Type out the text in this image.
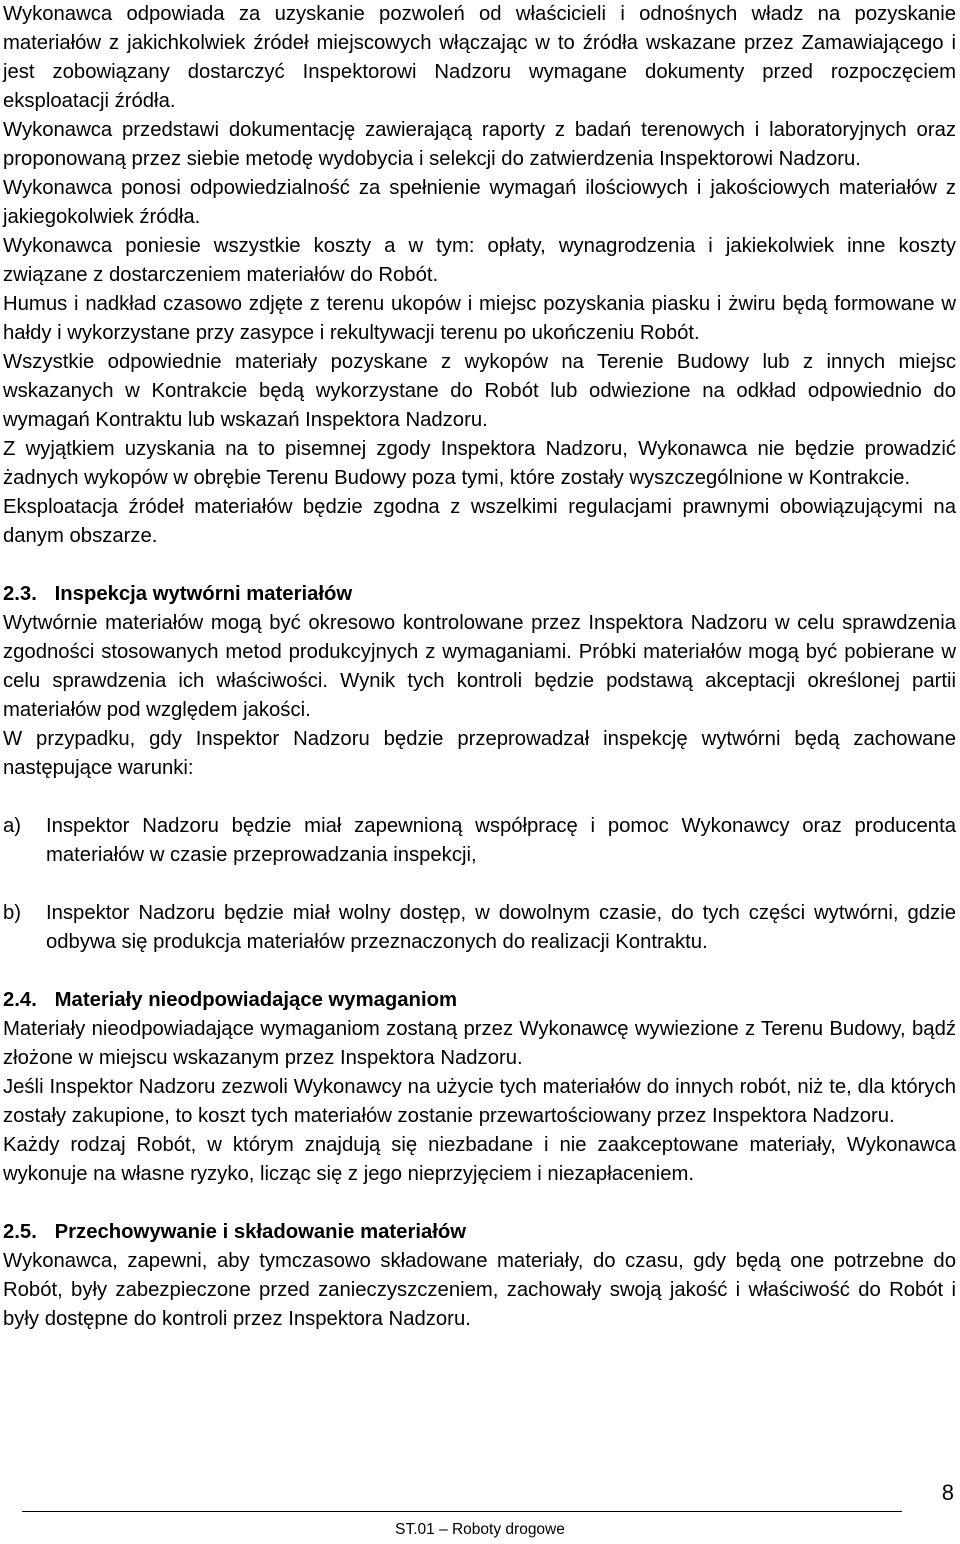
Wykonawca odpowiada za uzyskanie pozwoleń od właścicieli i odnośnych władz na pozyskanie materiałów z jakichkolwiek źródeł miejscowych włączając w to źródła wskazane przez Zamawiającego i jest zobowiązany dostarczyć Inspektorowi Nadzoru wymagane dokumenty przed rozpoczęciem eksploatacji źródła.

Wykonawca przedstawi dokumentację zawierającą raporty z badań terenowych i laboratoryjnych oraz proponowaną przez siebie metodę wydobycia i selekcji do zatwierdzenia Inspektorowi Nadzoru.

Wykonawca ponosi odpowiedzialność za spełnienie wymagań ilościowych i jakościowych materiałów z jakiegokolwiek źródła.

Wykonawca poniesie wszystkie koszty a w tym: opłaty, wynagrodzenia i jakiekolwiek inne koszty związane z dostarczeniem materiałów do Robót.

Humus i nadkład czasowo zdjęte z terenu ukopów i miejsc pozyskania piasku i żwiru będą formowane w hałdy i wykorzystane przy zasypce i rekultywacji terenu po ukończeniu Robót.

Wszystkie odpowiednie materiały pozyskane z wykopów na Terenie Budowy lub z innych miejsc wskazanych w Kontrakcie będą wykorzystane do Robót lub odwiezione na odkład odpowiednio do wymagań Kontraktu lub wskazań Inspektora Nadzoru.

Z wyjątkiem uzyskania na to pisemnej zgody Inspektora Nadzoru, Wykonawca nie będzie prowadzić żadnych wykopów w obrębie Terenu Budowy poza tymi, które zostały wyszczególnione w Kontrakcie.

Eksploatacja źródeł materiałów będzie zgodna z wszelkimi regulacjami prawnymi obowiązującymi na danym obszarze.

2.3. Inspekcja wytwórni materiałów

Wytwórnie materiałów mogą być okresowo kontrolowane przez Inspektora Nadzoru w celu sprawdzenia zgodności stosowanych metod produkcyjnych z wymaganiami. Próbki materiałów mogą być pobierane w celu sprawdzenia ich właściwości. Wynik tych kontroli będzie podstawą akceptacji określonej partii materiałów pod względem jakości.

W przypadku, gdy Inspektor Nadzoru będzie przeprowadzał inspekcję wytwórni będą zachowane następujące warunki:

a) Inspektor Nadzoru będzie miał zapewnioną współpracę i pomoc Wykonawcy oraz producenta materiałów w czasie przeprowadzania inspekcji,
b) Inspektor Nadzoru będzie miał wolny dostęp, w dowolnym czasie, do tych części wytwórni, gdzie odbywa się produkcja materiałów przeznaczonych do realizacji Kontraktu.
2.4. Materiały nieodpowiadające wymaganiom

Materiały nieodpowiadające wymaganiom zostaną przez Wykonawcę wywiezione z Terenu Budowy, bądź złożone w miejscu wskazanym przez Inspektora Nadzoru.

Jeśli Inspektor Nadzoru zezwoli Wykonawcy na użycie tych materiałów do innych robót, niż te, dla których zostały zakupione, to koszt tych materiałów zostanie przewartościowany przez Inspektora Nadzoru.

Każdy rodzaj Robót, w którym znajdują się niezbadane i nie zaakceptowane materiały, Wykonawca wykonuje na własne ryzyko, licząc się z jego nieprzyjęciem i niezapłaceniem.

2.5. Przechowywanie i składowanie materiałów

Wykonawca, zapewni, aby tymczasowo składowane materiały, do czasu, gdy będą one potrzebne do Robót, były zabezpieczone przed zanieczyszczeniem, zachowały swoją jakość i właściwość do Robót i były dostępne do kontroli przez Inspektora Nadzoru.

8
ST.01 – Roboty drogowe
